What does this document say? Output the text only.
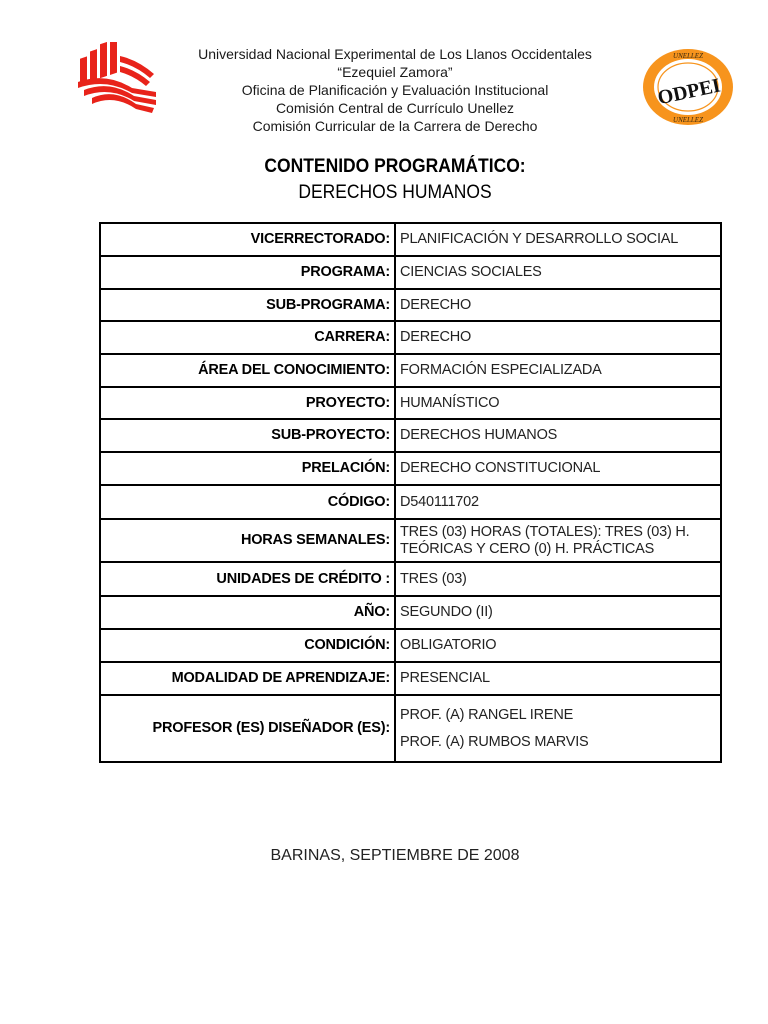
Universidad Nacional Experimental de Los Llanos Occidentales
“Ezequiel Zamora”
Oficina de Planificación y Evaluación Institucional
Comisión Central de Currículo Unellez
Comisión Curricular de la Carrera de Derecho
UNELLEZ
UNELLEZ
ODPEI
CONTENIDO PROGRAMÁTICO:
DERECHOS HUMANOS
VICERRECTORADO:	PLANIFICACIÓN Y DESARROLLO SOCIAL
PROGRAMA:	CIENCIAS SOCIALES
SUB-PROGRAMA:	DERECHO
CARRERA:	DERECHO
ÁREA DEL CONOCIMIENTO:	FORMACIÓN ESPECIALIZADA
PROYECTO:	HUMANÍSTICO
SUB-PROYECTO:	DERECHOS HUMANOS
PRELACIÓN:	DERECHO CONSTITUCIONAL
CÓDIGO:	D540111702
HORAS SEMANALES:	TRES (03) HORAS (TOTALES): TRES (03) H. TEÓRICAS Y CERO (0) H. PRÁCTICAS
UNIDADES DE CRÉDITO :	TRES (03)
AÑO:	SEGUNDO (II)
CONDICIÓN:	OBLIGATORIO
MODALIDAD DE APRENDIZAJE:	PRESENCIAL
PROFESOR (ES) DISEÑADOR (ES):	PROF. (A) RANGEL IRENE
PROF. (A) RUMBOS MARVIS
BARINAS, SEPTIEMBRE DE 2008
